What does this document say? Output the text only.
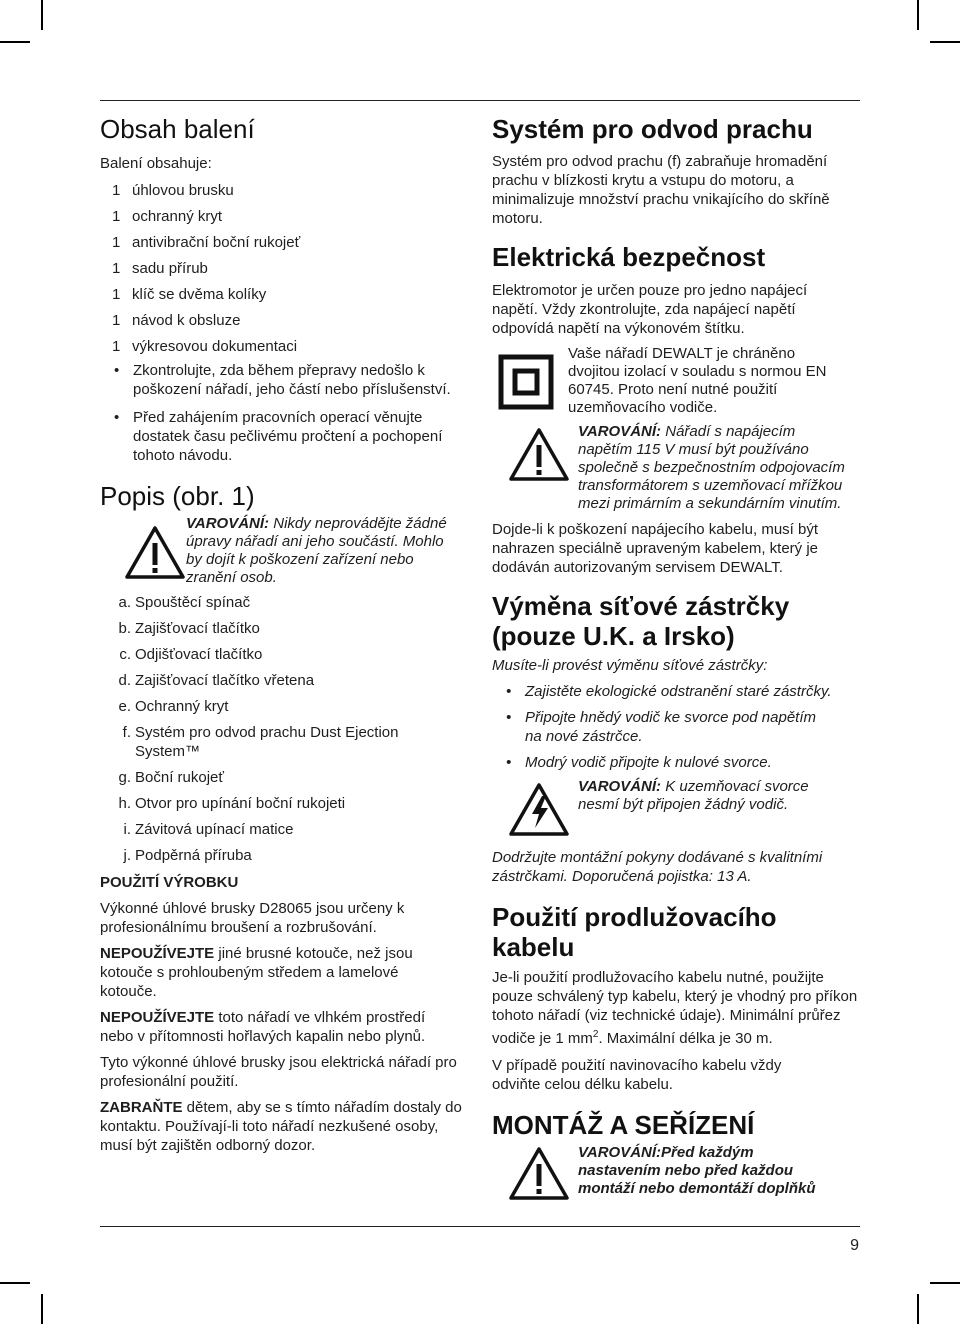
Obsah balení

Balení obsahuje:

1 úhlovou brusku
1 ochranný kryt
1 antivibrační boční rukojeť
1 sadu přírub
1 klíč se dvěma kolíky
1 návod k obsluze
1 výkresovou dokumentaci
• Zkontrolujte, zda během přepravy nedošlo k poškození nářadí, jeho částí nebo příslušenství.
• Před zahájením pracovních operací věnujte dostatek času pečlivému pročtení a pochopení tohoto návodu.
Popis (obr. 1)
VAROVÁNÍ: Nikdy neprovádějte žádné úpravy nářadí ani jeho součástí. Mohlo by dojít k poškození zařízení nebo zranění osob.
a. Spouštěcí spínač
b. Zajišťovací tlačítko
c. Odjišťovací tlačítko
d. Zajišťovací tlačítko vřetena
e. Ochranný kryt
f. Systém pro odvod prachu Dust Ejection System™
g. Boční rukojeť
h. Otvor pro upínání boční rukojeti
i. Závitová upínací matice
j. Podpěrná příruba
POUŽITÍ VÝROBKU

Výkonné úhlové brusky D28065 jsou určeny k profesionálnímu broušení a rozbrušování.

NEPOUŽÍVEJTE jiné brusné kotouče, než jsou kotouče s prohloubeným středem a lamelové kotouče.

NEPOUŽÍVEJTE toto nářadí ve vlhkém prostředí nebo v přítomnosti hořlavých kapalin nebo plynů.

Tyto výkonné úhlové brusky jsou elektrická nářadí pro profesionální použití.

ZABRAŇTE dětem, aby se s tímto nářadím dostaly do kontaktu. Používají-li toto nářadí nezkušené osoby, musí být zajištěn odborný dozor.

Systém pro odvod prachu

Systém pro odvod prachu (f) zabraňuje hromadění prachu v blízkosti krytu a vstupu do motoru, a minimalizuje množství prachu vnikajícího do skříně motoru.

Elektrická bezpečnost

Elektromotor je určen pouze pro jedno napájecí napětí. Vždy zkontrolujte, zda napájecí napětí odpovídá napětí na výkonovém štítku.

Vaše nářadí DEWALT je chráněno dvojitou izolací v souladu s normou EN 60745. Proto není nutné použití uzemňovacího vodiče.
VAROVÁNÍ: Nářadí s napájecím napětím 115 V musí být používáno společně s bezpečnostním odpojovacím transformátorem s uzemňovací mřížkou mezi primárním a sekundárním vinutím.

Dojde-li k poškození napájecího kabelu, musí být nahrazen speciálně upraveným kabelem, který je dodáván autorizovaným servisem DEWALT.

Výměna síťové zástrčky (pouze U.K. a Irsko)

Musíte-li provést výměnu síťové zástrčky:

• Zajistěte ekologické odstranění staré zástrčky.
• Připojte hnědý vodič ke svorce pod napětím na nové zástrčce.
• Modrý vodič připojte k nulové svorce.
VAROVÁNÍ: K uzemňovací svorce nesmí být připojen žádný vodič.

Dodržujte montážní pokyny dodávané s kvalitními zástrčkami. Doporučená pojistka: 13 A.

Použití prodlužovacího kabelu

Je-li použití prodlužovacího kabelu nutné, použijte pouze schválený typ kabelu, který je vhodný pro příkon tohoto nářadí (viz technické údaje). Minimální průřez vodiče je 1 $mm^2$. Maximální délka je 30 m.

V případě použití navinovacího kabelu vždy odviňte celou délku kabelu.

MONTÁŽ A SEŘÍZENÍ
VAROVÁNÍ:Před každým nastavením nebo před každou montáží nebo demontáží doplňků
9
